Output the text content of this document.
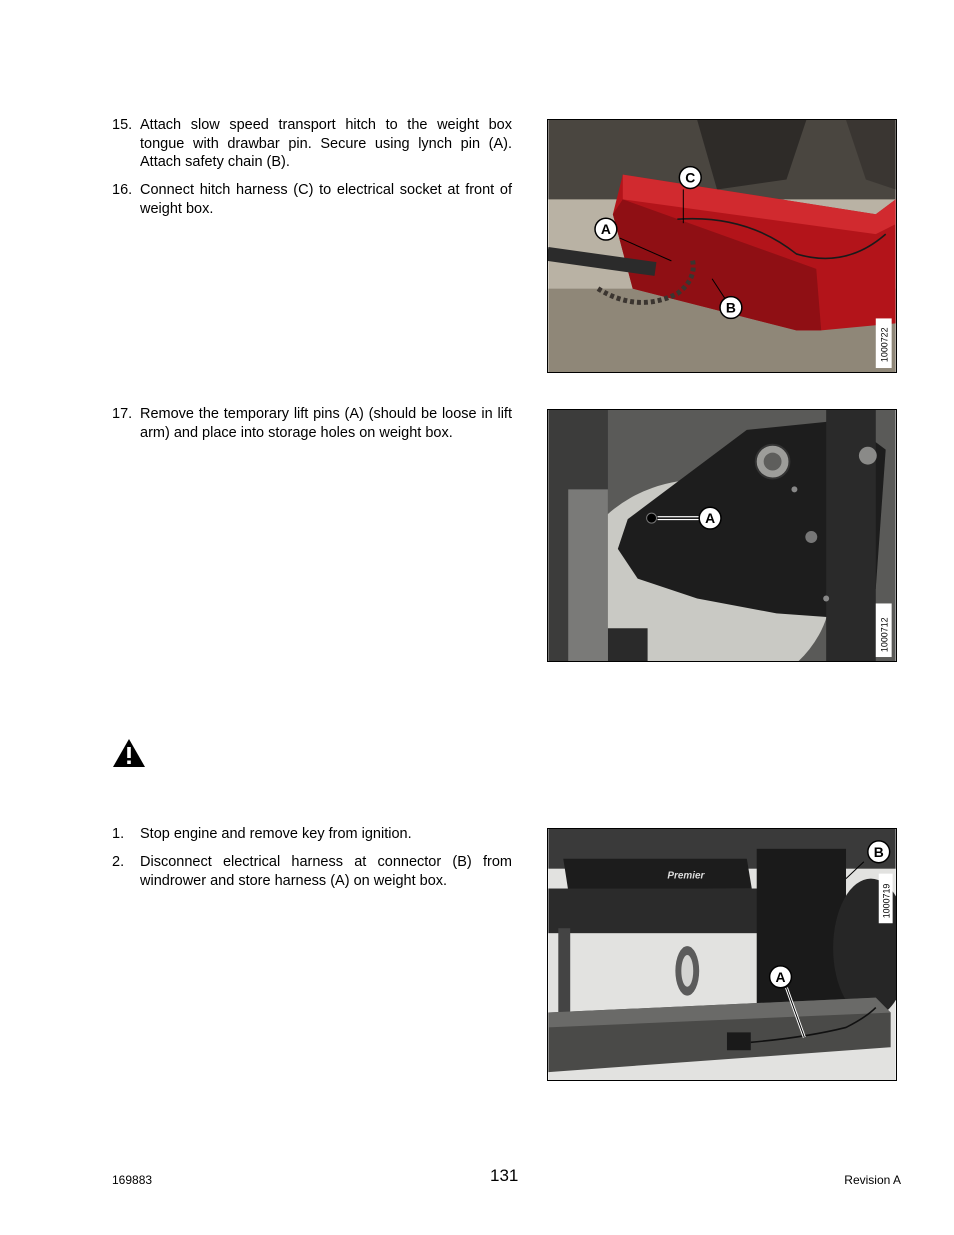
15. Attach slow speed transport hitch to the weight box tongue with drawbar pin. Secure using lynch pin (A). Attach safety chain (B).
16. Connect hitch harness (C) to electrical socket at front of weight box.
C
A
B
1000722
17. Remove the temporary lift pins (A) (should be loose in lift arm) and place into storage holes on weight box.
A
1000712
1. Stop engine and remove key from ignition.
2. Disconnect electrical harness at connector (B) from windrower and store harness (A) on weight box.	Premier
B
A
1000719
169883	131	Revision A
